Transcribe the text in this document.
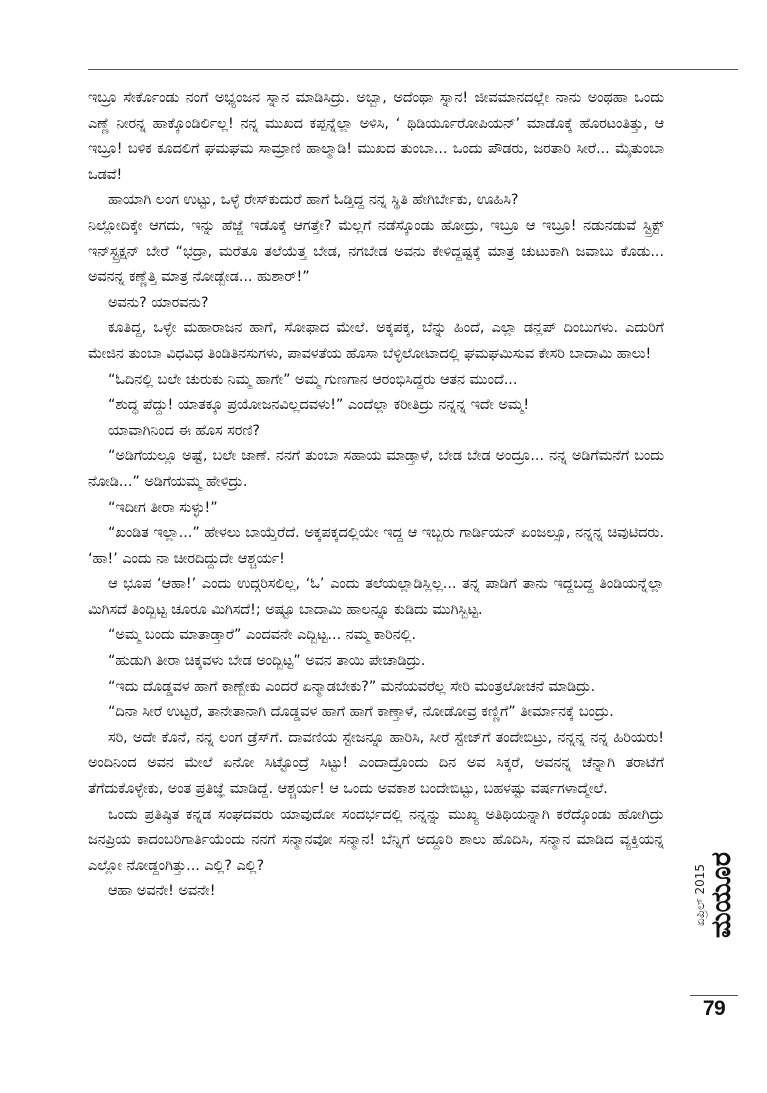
ಇಬ್ರೂ ಸೇರ್ಕೊಂಡು ನಂಗೆ ಅಭ್ಯಂಜನ ಸ್ನಾನ ಮಾಡಿಸಿದ್ರು. ಅಬ್ಬಾ, ಅದೆಂಥಾ ಸ್ನಾನ! ಜೀವಮಾನದಲ್ಲೇ ನಾನು ಅಂಥಹಾ ಒಂದು ಎಣ್ಣೆ ನೀರನ್ನ ಹಾಕ್ಕೊಂಡಿರ್ಲಿಲ್ಲ! ನನ್ನ ಮುಖದ ಕಪ್ಪನ್ನೆಲ್ಲಾ ಅಳಿಸಿ, ‘ ಥಿಡಿರ್ಯೂರೋಪಿಯನ್’ ಮಾಡೊಕ್ಕೆ ಹೊರಟಂತಿತ್ತು, ಆ ಇಬ್ರೂ! ಬಳಿಕ ಕೂದಲಿಗೆ ಘಮಘಮ ಸಾಮ್ರಾಣಿ ಹಾಲ್ಮಾಡಿ! ಮುಖದ ತುಂಬಾ... ಒಂದು ಪೌಡರು, ಜರತಾರಿ ಸೀರೆ... ಮೈತುಂಬಾ ಒಡವೆ!

ಹಾಯಾಗಿ ಲಂಗ ಉಟ್ಟು, ಒಳ್ಳೆ ರೇಸ್‌ಕುದುರೆ ಹಾಗೆ ಓಡ್ತಿದ್ದ ನನ್ನ ಸ್ಥಿತಿ ಹೇಗಿರ್ಬೇಕು, ಊಹಿಸಿ?

ನಿಲ್ಲೋದಿಕ್ಕೇ ಆಗದು, ಇನ್ನು ಹೆಜ್ಜೆ ಇಡೊಕ್ಕೆ ಆಗತ್ತೇ? ಮೆಲ್ಲಗೆ ನಡೆಸ್ಕೊಂಡು ಹೋದ್ರು, ಇಬ್ರೂ ಆ ಇಬ್ರೂ! ನಡುನಡುವೆ ಸ್ಟ್ರಿಕ್ಟ್ ಇನ್‌ಸ್ಟ್ರಕ್ಷನ್ ಬೇರೆ “ಭದ್ರಾ, ಮರೆತೂ ತಲೆಯೆತ್ತ ಬೇಡ, ನಗಬೇಡ ಅವನು ಕೇಳಿದ್ದಷ್ಟಕ್ಕೆ ಮಾತ್ರ ಚುಟುಕಾಗಿ ಜವಾಬು ಕೊಡು... ಅವನನ್ನ ಕಣ್ಣೆತ್ತಿ ಮಾತ್ರ ನೋಡ್ಬೇಡ... ಹುಶಾರ್!”

ಅವನು? ಯಾರವನು?

ಕೂತಿದ್ದ, ಒಳ್ಳೇ ಮಹಾರಾಜನ ಹಾಗೆ, ಸೋಫಾದ ಮೇಲೆ. ಅಕ್ಕಪಕ್ಕ, ಬೆನ್ನು ಹಿಂದೆ, ಎಲ್ಲಾ ಡನ್ಲಪ್ ದಿಂಬುಗಳು. ಎದುರಿಗೆ ಮೇಜಿನ ತುಂಬಾ ವಿಧವಿಧ ತಿಂಡಿತಿನಸುಗಳು, ಪಾವಳತೆಯ ಹೊಸಾ ಬೆಳ್ಳಿಲೋಟಾದಲ್ಲಿ ಘಮಘಮಿಸುವ ಕೇಸರಿ ಬಾದಾಮಿ ಹಾಲು!

“ಓದಿನಲ್ಲಿ ಬಲೇ ಚುರುಕು ನಿಮ್ಮ ಹಾಗೇ” ಅಮ್ಮ ಗುಣಗಾನ ಆರಂಭಿಸಿದ್ದರು ಆತನ ಮುಂದೆ...

“ಶುದ್ಧ ಪೆದ್ದು! ಯಾತಕ್ಕೂ ಪ್ರಯೋಜನವಿಲ್ಲದವಳು!” ಎಂದೆಲ್ಲಾ ಕರೀತಿದ್ರು ನನ್ನನ್ನ ಇದೇ ಅಮ್ಮ!

ಯಾವಾಗಿನಿಂದ ಈ ಹೊಸ ಸರಣಿ?

“ಅಡಿಗೆಯಲ್ಲೂ ಅಷ್ಟೆ, ಬಲೇ ಜಾಣೆ. ನನಗೆ ತುಂಬಾ ಸಹಾಯ ಮಾಡ್ತಾಳೆ, ಬೇಡ ಬೇಡ ಅಂದ್ರೂ... ನನ್ನ ಅಡಿಗೆಮನೆಗೆ ಬಂದು ನೋಡಿ...” ಅಡಿಗೆಯಮ್ಮ ಹೇಳಿದ್ರು.

“ಇದೀಗ ತೀರಾ ಸುಳ್ಳು!”

“ಖಂಡಿತ ಇಲ್ಲಾ...” ಹೇಳಲು ಬಾಯ್ತೆರೆದೆ. ಅಕ್ಕಪಕ್ಕದಲ್ಲಿಯೇ ಇದ್ದ ಆ ಇಬ್ಬರು ಗಾರ್ಡಿಯನ್ ಏಂಜಲ್ಸೂ, ನನ್ನನ್ನ ಚಿವುಟಿದರು. ‘ಹಾ!’ ಎಂದು ನಾ ಚೀರದಿದ್ದುದೇ ಆಶ್ಚರ್ಯ!

ಆ ಭೂಪ ‘ಆಹಾ!’ ಎಂದು ಉದ್ಗರಿಸಲಿಲ್ಲ, ‘ಓ’ ಎಂದು ತಲೆಯಲ್ಲಾಡಿಸ್ಲಿಲ್ಲ... ತನ್ನ ಪಾಡಿಗೆ ತಾನು ಇದ್ದಬದ್ದ ತಿಂಡಿಯನ್ನೆಲ್ಲಾ ಮಿಗಿಸದೆ ತಿಂದ್ಬಿಟ್ಟ ಚೂರೂ ಮಿಗಿಸದೆ!; ಅಷ್ಟೂ ಬಾದಾಮಿ ಹಾಲನ್ನೂ ಕುಡಿದು ಮುಗಿಸ್ಬಿಟ್ಟ.

“ಅಮ್ಮ ಬಂದು ಮಾತಾಡ್ತಾರೆ” ಎಂದವನೇ ಎದ್ಬಿಟ್ಟ... ನಮ್ಮ ಕಾರಿನಲ್ಲಿ.

“ಹುಡುಗಿ ತೀರಾ ಚಿಕ್ಕವಳು ಬೇಡ ಅಂದ್ಬಿಟ್ಟ” ಅವನ ತಾಯಿ ಪೇಚಾಡಿದ್ರು.

“ಇದು ದೊಡ್ಡವಳ ಹಾಗೆ ಕಾಣ್ಬೇಕು ಎಂದರೆ ಏನ್ಮಾಡಬೇಕು?” ಮನೆಯವರೆಲ್ಲ ಸೇರಿ ಮಂತ್ರಲೋಚನೆ ಮಾಡಿದ್ರು.

“ದಿನಾ ಸೀರೆ ಉಟ್ಟರೆ, ತಾನೇತಾನಾಗಿ ದೊಡ್ಡವಳ ಹಾಗೆ ಹಾಗೆ ಕಾಣ್ತಾಳೆ, ನೋಡೋವ್ರ ಕಣ್ಣಿಗೆ” ತೀರ್ಮಾನಕ್ಕೆ ಬಂದ್ರು.

ಸರಿ, ಅದೇ ಕೊನೆ, ನನ್ನ ಲಂಗ ಡ್ರೆಸ್‌ಗೆ. ದಾವಣಿಯ ಸ್ಟೇಜನ್ನೂ ಹಾರಿಸಿ, ಸೀರೆ ಸ್ಟೇಜ್‌ಗೆ ತಂದೇಬಿಟ್ರು, ನನ್ನನ್ನ ನನ್ನ ಹಿರಿಯರು! ಅಂದಿನಿಂದ ಅವನ ಮೇಲೆ ಏನೋ ಸಿಟ್ಟೊಂದ್ರೆ ಸಿಟ್ಟು! ಎಂದಾದ್ರೊಂದು ದಿನ ಅವ ಸಿಕ್ಕರೆ, ಅವನನ್ನ ಚೆನ್ನಾಗಿ ತರಾಟೆಗೆ ತೆಗೆದುಕೊಳ್ಳೇಕು, ಅಂತ ಪ್ರತಿಜ್ಞೆ ಮಾಡಿದ್ದೆ. ಆಶ್ಚರ್ಯ! ಆ ಒಂದು ಅವಕಾಶ ಬಂದೇಬಿಟ್ಟು, ಬಹಳಷ್ಟು ವರ್ಷಗಳಾದ್ಮೇಲೆ.

ಒಂದು ಪ್ರತಿಷ್ಠಿತ ಕನ್ನಡ ಸಂಘದವರು ಯಾವುದೋ ಸಂದರ್ಭದಲ್ಲಿ ನನ್ನನ್ನು ಮುಖ್ಯ ಅತಿಥಿಯನ್ನಾಗಿ ಕರೆದ್ಕೊಂಡು ಹೋಗಿದ್ರು ಜನಪ್ರಿಯ ಕಾದಂಬರಿಗಾರ್ತಿಯೆಂದು ನನಗೆ ಸನ್ಮಾನವೋ ಸನ್ಮಾನ! ಬೆನ್ನಿಗೆ ಅದ್ದೂರಿ ಶಾಲು ಹೊದಿಸಿ, ಸನ್ಮಾನ ಮಾಡಿದ ವ್ಯಕ್ತಿಯನ್ನ ಎಲ್ಲೋ ನೋಡ್ದಂಗಿತ್ತು... ಎಲ್ಲಿ? ಎಲ್ಲಿ?

ಆಹಾ ಅವನೇ! ಅವನೇ!	ಏಪ್ರಿಲ್ 2015 ಮಯೂರ
79
